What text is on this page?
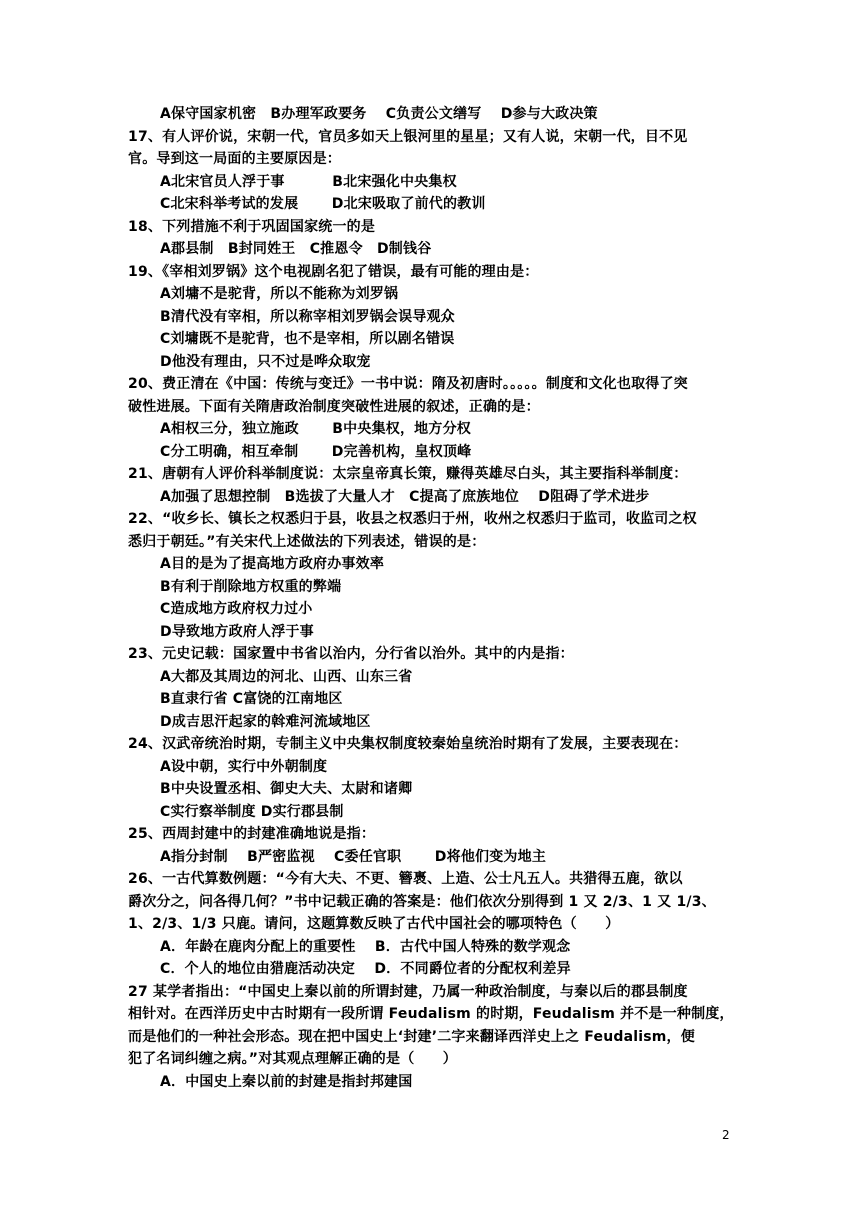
A保守国家机密　B办理军政要务　 C负责公文缮写　 D参与大政决策
17、有人评价说，宋朝一代，官员多如天上银河里的星星；又有人说，宋朝一代，目不见
官。导到这一局面的主要原因是：
A北宋官员人浮于事　　　 B北宋强化中央集权
C北宋科举考试的发展　　 D北宋吸取了前代的教训
18、下列措施不利于巩固国家统一的是
A郡县制　B封同姓王　C推恩令　D制钱谷
19、《宰相刘罗锅》这个电视剧名犯了错误，最有可能的理由是：
A刘墉不是驼背，所以不能称为刘罗锅
B清代没有宰相，所以称宰相刘罗锅会误导观众
C刘墉既不是驼背，也不是宰相，所以剧名错误
D他没有理由，只不过是哗众取宠
20、费正清在《中国：传统与变迁》一书中说：隋及初唐时。。。。。制度和文化也取得了突
破性进展。下面有关隋唐政治制度突破性进展的叙述，正确的是：
A相权三分，独立施政　　 B中央集权，地方分权
C分工明确，相互牵制　　 D完善机构，皇权顶峰
21、唐朝有人评价科举制度说：太宗皇帝真长策，赚得英雄尽白头，其主要指科举制度：
A加强了思想控制　B选拔了大量人才　C提高了庶族地位　 D阻碍了学术进步
22、“收乡长、镇长之权悉归于县，收县之权悉归于州，收州之权悉归于监司，收监司之权
悉归于朝廷。”有关宋代上述做法的下列表述，错误的是：
A目的是为了提高地方政府办事效率
B有利于削除地方权重的弊端
C造成地方政府权力过小
D导致地方政府人浮于事
23、元史记载：国家置中书省以治内，分行省以治外。其中的内是指：
A大都及其周边的河北、山西、山东三省
B直隶行省 C富饶的江南地区
D成吉思汗起家的斡难河流域地区
24、汉武帝统治时期，专制主义中央集权制度较秦始皇统治时期有了发展，主要表现在：
A设中朝，实行中外朝制度
B中央设置丞相、御史大夫、太尉和诸卿
C实行察举制度 D实行郡县制
25、西周封建中的封建准确地说是指：
A指分封制　 B严密监视　 C委任官职　　 D将他们变为地主
26、一古代算数例题：“今有大夫、不更、簪褭、上造、公士凡五人。共猎得五鹿，欲以
爵次分之，问各得几何？”书中记载正确的答案是：他们依次分别得到 1 又 2/3、1 又 1/3、
1、2/3、1/3 只鹿。请问，这题算数反映了古代中国社会的哪项特色（　　）
A．年龄在鹿肉分配上的重要性　 B．古代中国人特殊的数学观念
C．个人的地位由猎鹿活动决定　 D．不同爵位者的分配权利差异
27 某学者指出：“中国史上秦以前的所谓封建，乃属一种政治制度，与秦以后的郡县制度
相针对。在西洋历史中古时期有一段所谓 Feudalism 的时期，Feudalism 并不是一种制度，
而是他们的一种社会形态。现在把中国史上‘封建’二字来翻译西洋史上之 Feudalism，便
犯了名词纠缠之病。”对其观点理解正确的是（　　）
A．中国史上秦以前的封建是指封邦建国
2
